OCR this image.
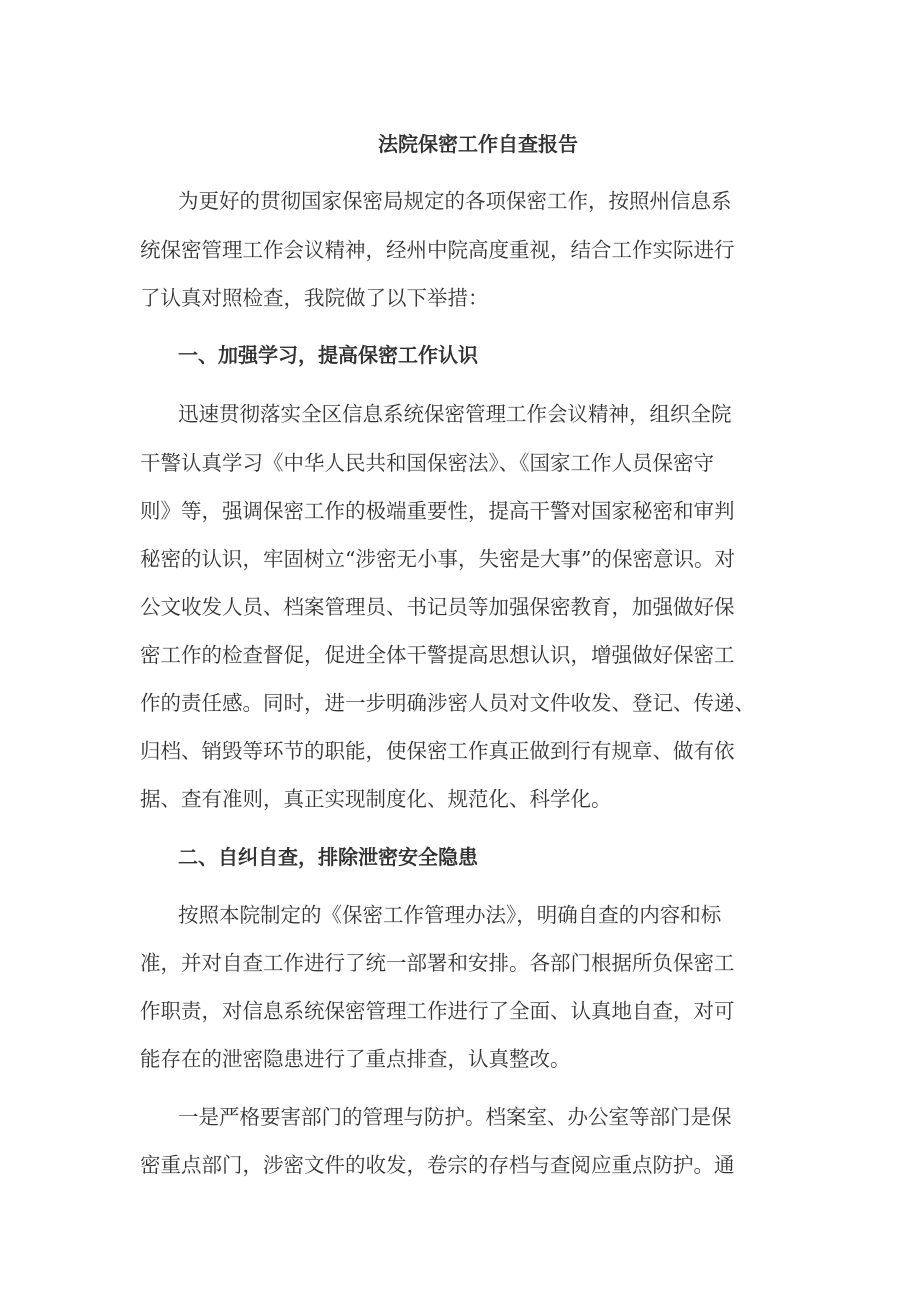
法院保密工作自查报告

为更好的贯彻国家保密局规定的各项保密工作，按照州信息系

统保密管理工作会议精神，经州中院高度重视，结合工作实际进行

了认真对照检查，我院做了以下举措：

一、加强学习，提高保密工作认识

迅速贯彻落实全区信息系统保密管理工作会议精神，组织全院

干警认真学习《中华人民共和国保密法》、《国家工作人员保密守

则》等，强调保密工作的极端重要性，提高干警对国家秘密和审判

秘密的认识，牢固树立“涉密无小事，失密是大事”的保密意识。对

公文收发人员、档案管理员、书记员等加强保密教育，加强做好保

密工作的检查督促，促进全体干警提高思想认识，增强做好保密工

作的责任感。同时，进一步明确涉密人员对文件收发、登记、传递、

归档、销毁等环节的职能，使保密工作真正做到行有规章、做有依

据、查有准则，真正实现制度化、规范化、科学化。

二、自纠自查，排除泄密安全隐患

按照本院制定的《保密工作管理办法》，明确自查的内容和标

准，并对自查工作进行了统一部署和安排。各部门根据所负保密工

作职责，对信息系统保密管理工作进行了全面、认真地自查，对可

能存在的泄密隐患进行了重点排查，认真整改。

一是严格要害部门的管理与防护。档案室、办公室等部门是保

密重点部门，涉密文件的收发，卷宗的存档与查阅应重点防护。通
